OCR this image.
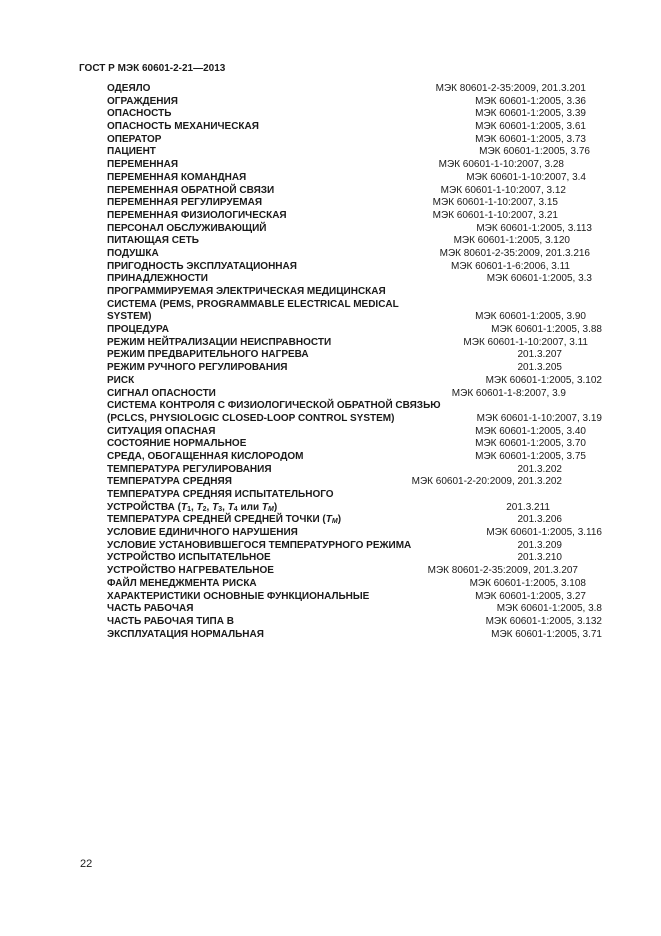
ГОСТ Р МЭК 60601-2-21—2013
ОДЕЯЛО	МЭК 80601-2-35:2009, 201.3.201
ОГРАЖДЕНИЯ	МЭК 60601-1:2005, 3.36
ОПАСНОСТЬ	МЭК 60601-1:2005, 3.39
ОПАСНОСТЬ МЕХАНИЧЕСКАЯ	МЭК 60601-1:2005, 3.61
ОПЕРАТОР	МЭК 60601-1:2005, 3.73
ПАЦИЕНТ	МЭК 60601-1:2005, 3.76
ПЕРЕМЕННАЯ	МЭК 60601-1-10:2007, 3.28
ПЕРЕМЕННАЯ КОМАНДНАЯ	МЭК 60601-1-10:2007, 3.4
ПЕРЕМЕННАЯ ОБРАТНОЙ СВЯЗИ	МЭК 60601-1-10:2007, 3.12
ПЕРЕМЕННАЯ РЕГУЛИРУЕМАЯ	МЭК 60601-1-10:2007, 3.15
ПЕРЕМЕННАЯ ФИЗИОЛОГИЧЕСКАЯ	МЭК 60601-1-10:2007, 3.21
ПЕРСОНАЛ ОБСЛУЖИВАЮЩИЙ	МЭК 60601-1:2005, 3.113
ПИТАЮЩАЯ СЕТЬ	МЭК 60601-1:2005, 3.120
ПОДУШКА	МЭК 80601-2-35:2009, 201.3.216
ПРИГОДНОСТЬ ЭКСПЛУАТАЦИОННАЯ	МЭК 60601-1-6:2006, 3.11
ПРИНАДЛЕЖНОСТИ	МЭК 60601-1:2005, 3.3
ПРОГРАММИРУЕМАЯ ЭЛЕКТРИЧЕСКАЯ МЕДИЦИНСКАЯ
СИСТЕМА (PEMS, PROGRAMMABLE ELECTRICAL MEDICAL
SYSTEM)	МЭК 60601-1:2005, 3.90
ПРОЦЕДУРА	МЭК 60601-1:2005, 3.88
РЕЖИМ НЕЙТРАЛИЗАЦИИ НЕИСПРАВНОСТИ	МЭК 60601-1-10:2007, 3.11
РЕЖИМ ПРЕДВАРИТЕЛЬНОГО НАГРЕВА	201.3.207
РЕЖИМ РУЧНОГО РЕГУЛИРОВАНИЯ	201.3.205
РИСК	МЭК 60601-1:2005, 3.102
СИГНАЛ ОПАСНОСТИ	МЭК 60601-1-8:2007, 3.9
СИСТЕМА КОНТРОЛЯ С ФИЗИОЛОГИЧЕСКОЙ ОБРАТНОЙ СВЯЗЬЮ
(PCLCS, PHYSIOLOGIC CLOSED-LOOP CONTROL SYSTEM)	МЭК 60601-1-10:2007, 3.19
СИТУАЦИЯ ОПАСНАЯ	МЭК 60601-1:2005, 3.40
СОСТОЯНИЕ НОРМАЛЬНОЕ	МЭК 60601-1:2005, 3.70
СРЕДА, ОБОГАЩЕННАЯ КИСЛОРОДОМ	МЭК 60601-1:2005, 3.75
ТЕМПЕРАТУРА РЕГУЛИРОВАНИЯ	201.3.202
ТЕМПЕРАТУРА СРЕДНЯЯ	МЭК 60601-2-20:2009, 201.3.202
ТЕМПЕРАТУРА СРЕДНЯЯ ИСПЫТАТЕЛЬНОГО
УСТРОЙСТВА ($T_1$, $T_2$, $T_3$, $T_4$ или $T_M$)	201.3.211
ТЕМПЕРАТУРА СРЕДНЕЙ СРЕДНЕЙ ТОЧКИ $(T_M)$	201.3.206
УСЛОВИЕ ЕДИНИЧНОГО НАРУШЕНИЯ	МЭК 60601-1:2005, 3.116
УСЛОВИЕ УСТАНОВИВШЕГОСЯ ТЕМПЕРАТУРНОГО РЕЖИМА	201.3.209
УСТРОЙСТВО ИСПЫТАТЕЛЬНОЕ	201.3.210
УСТРОЙСТВО НАГРЕВАТЕЛЬНОЕ	МЭК 80601-2-35:2009, 201.3.207
ФАЙЛ МЕНЕДЖМЕНТА РИСКА	МЭК 60601-1:2005, 3.108
ХАРАКТЕРИСТИКИ ОСНОВНЫЕ ФУНКЦИОНАЛЬНЫЕ	МЭК 60601-1:2005, 3.27
ЧАСТЬ РАБОЧАЯ	МЭК 60601-1:2005, 3.8
ЧАСТЬ РАБОЧАЯ ТИПА В	МЭК 60601-1:2005, 3.132
ЭКСПЛУАТАЦИЯ НОРМАЛЬНАЯ	МЭК 60601-1:2005, 3.71
22
